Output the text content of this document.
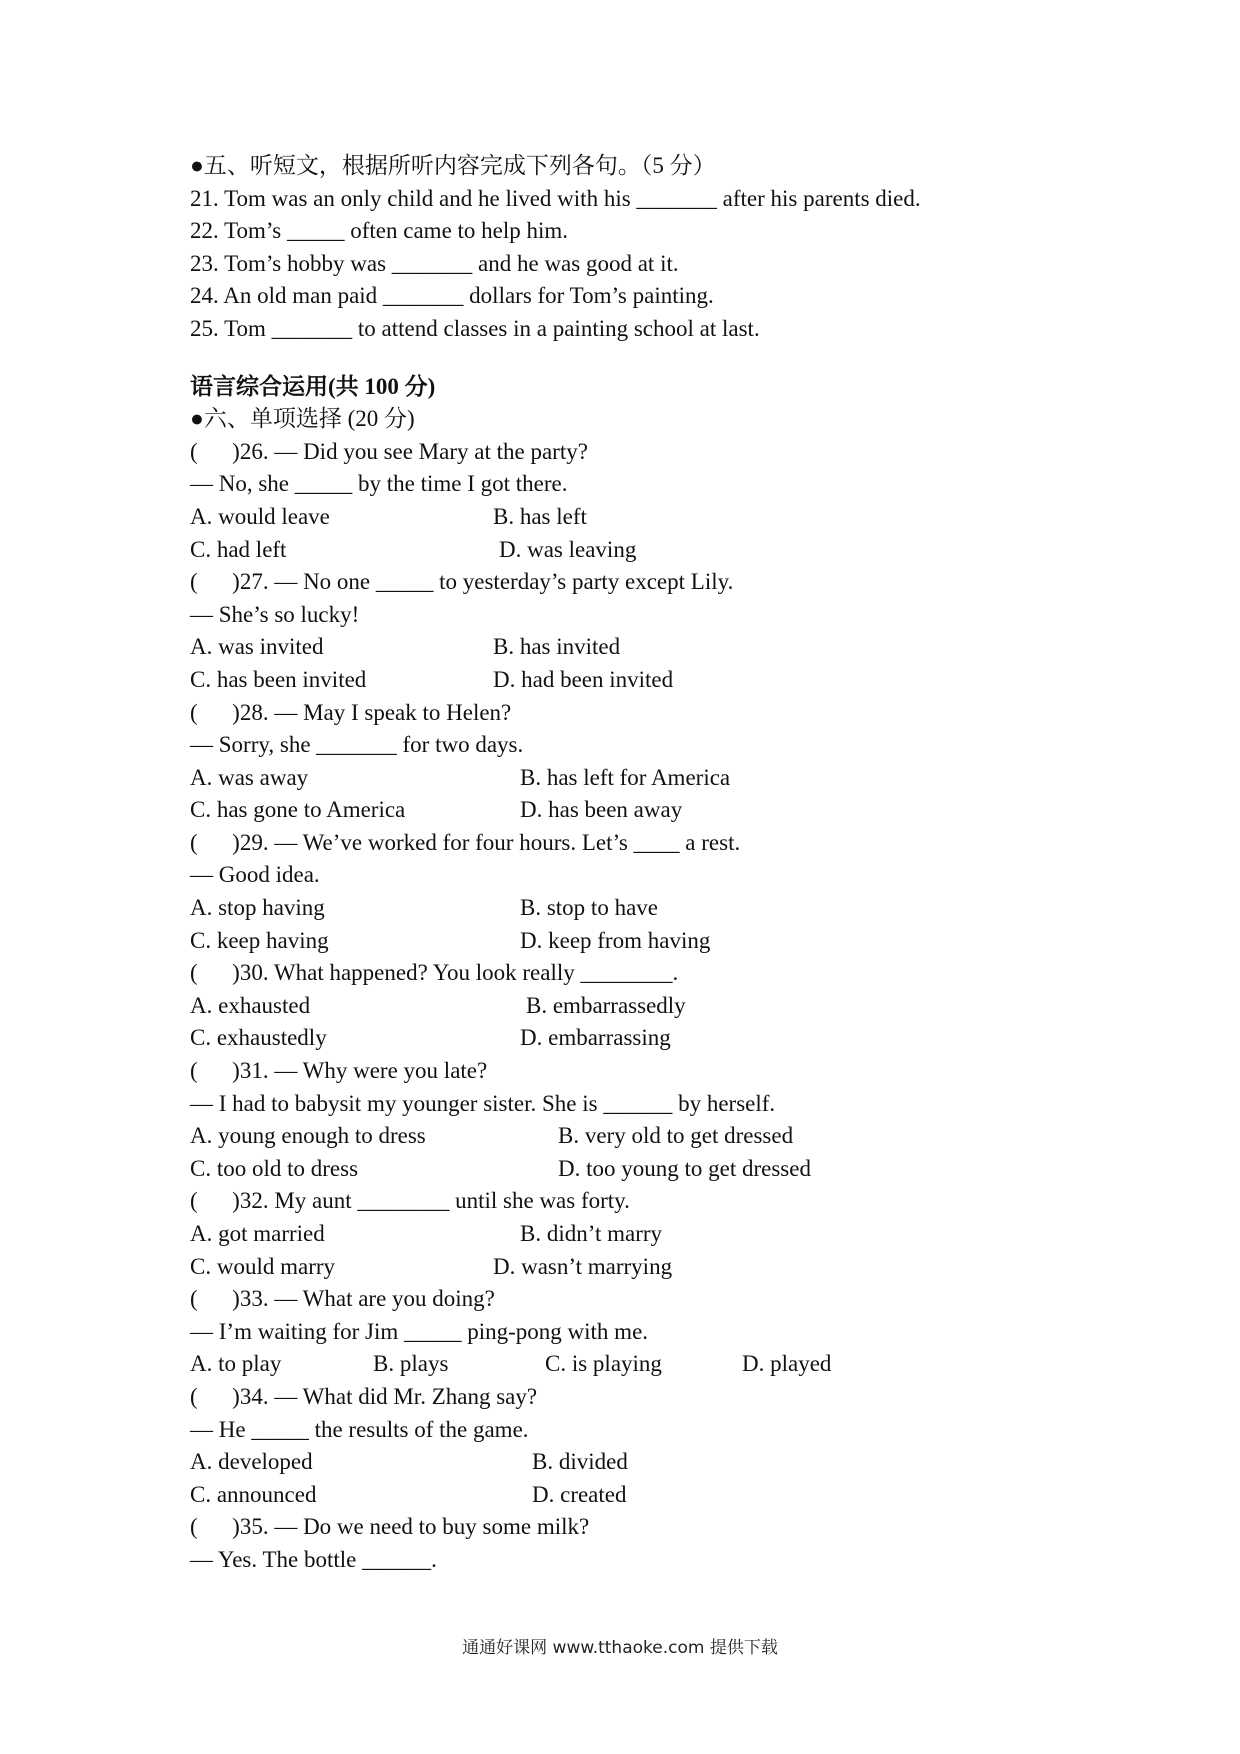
●五、听短文，根据所听内容完成下列各句。（5 分）
21. Tom was an only child and he lived with his _______ after his parents died.
22. Tom’s _____ often came to help him.
23. Tom’s hobby was _______ and he was good at it.
24. An old man paid _______ dollars for Tom’s painting.
25. Tom _______ to attend classes in a painting school at last.
语言综合运用(共 100 分)
●六、单项选择 (20 分)
(      )26. — Did you see Mary at the party?
— No, she _____ by the time I got there.

A. would leave

	B. has left

C. had left

	D. was leaving

(      )27. — No one _____ to yesterday’s party except Lily.
— She’s so lucky!

A. was invited

	B. has invited

C. has been invited

	D. had been invited

(      )28. — May I speak to Helen?
— Sorry, she _______ for two days.

A. was away

	B. has left for America

C. has gone to America

	D. has been away

(      )29. — We’ve worked for four hours. Let’s ____ a rest.
— Good idea.

A. stop having

	B. stop to have

C. keep having

	D. keep from having

(      )30. What happened? You look really ________.

A. exhausted

	B. embarrassedly

C. exhaustedly

	D. embarrassing

(      )31. — Why were you late?
— I had to babysit my younger sister. She is ______ by herself.

A. young enough to dress

	B. very old to get dressed

C. too old to dress

	D. too young to get dressed

(      )32. My aunt ________ until she was forty.

A. got married

	B. didn’t marry

C. would marry

	D. wasn’t marrying

(      )33. — What are you doing?
— I’m waiting for Jim _____ ping-pong with me.

A. to play

	B. plays

	C. is playing

	D. played

(      )34. — What did Mr. Zhang say?
— He _____ the results of the game.

A. developed

	B. divided

C. announced

	D. created

(      )35. — Do we need to buy some milk?
— Yes. The bottle ______.
通通好课网 www.tthaoke.com 提供下载
